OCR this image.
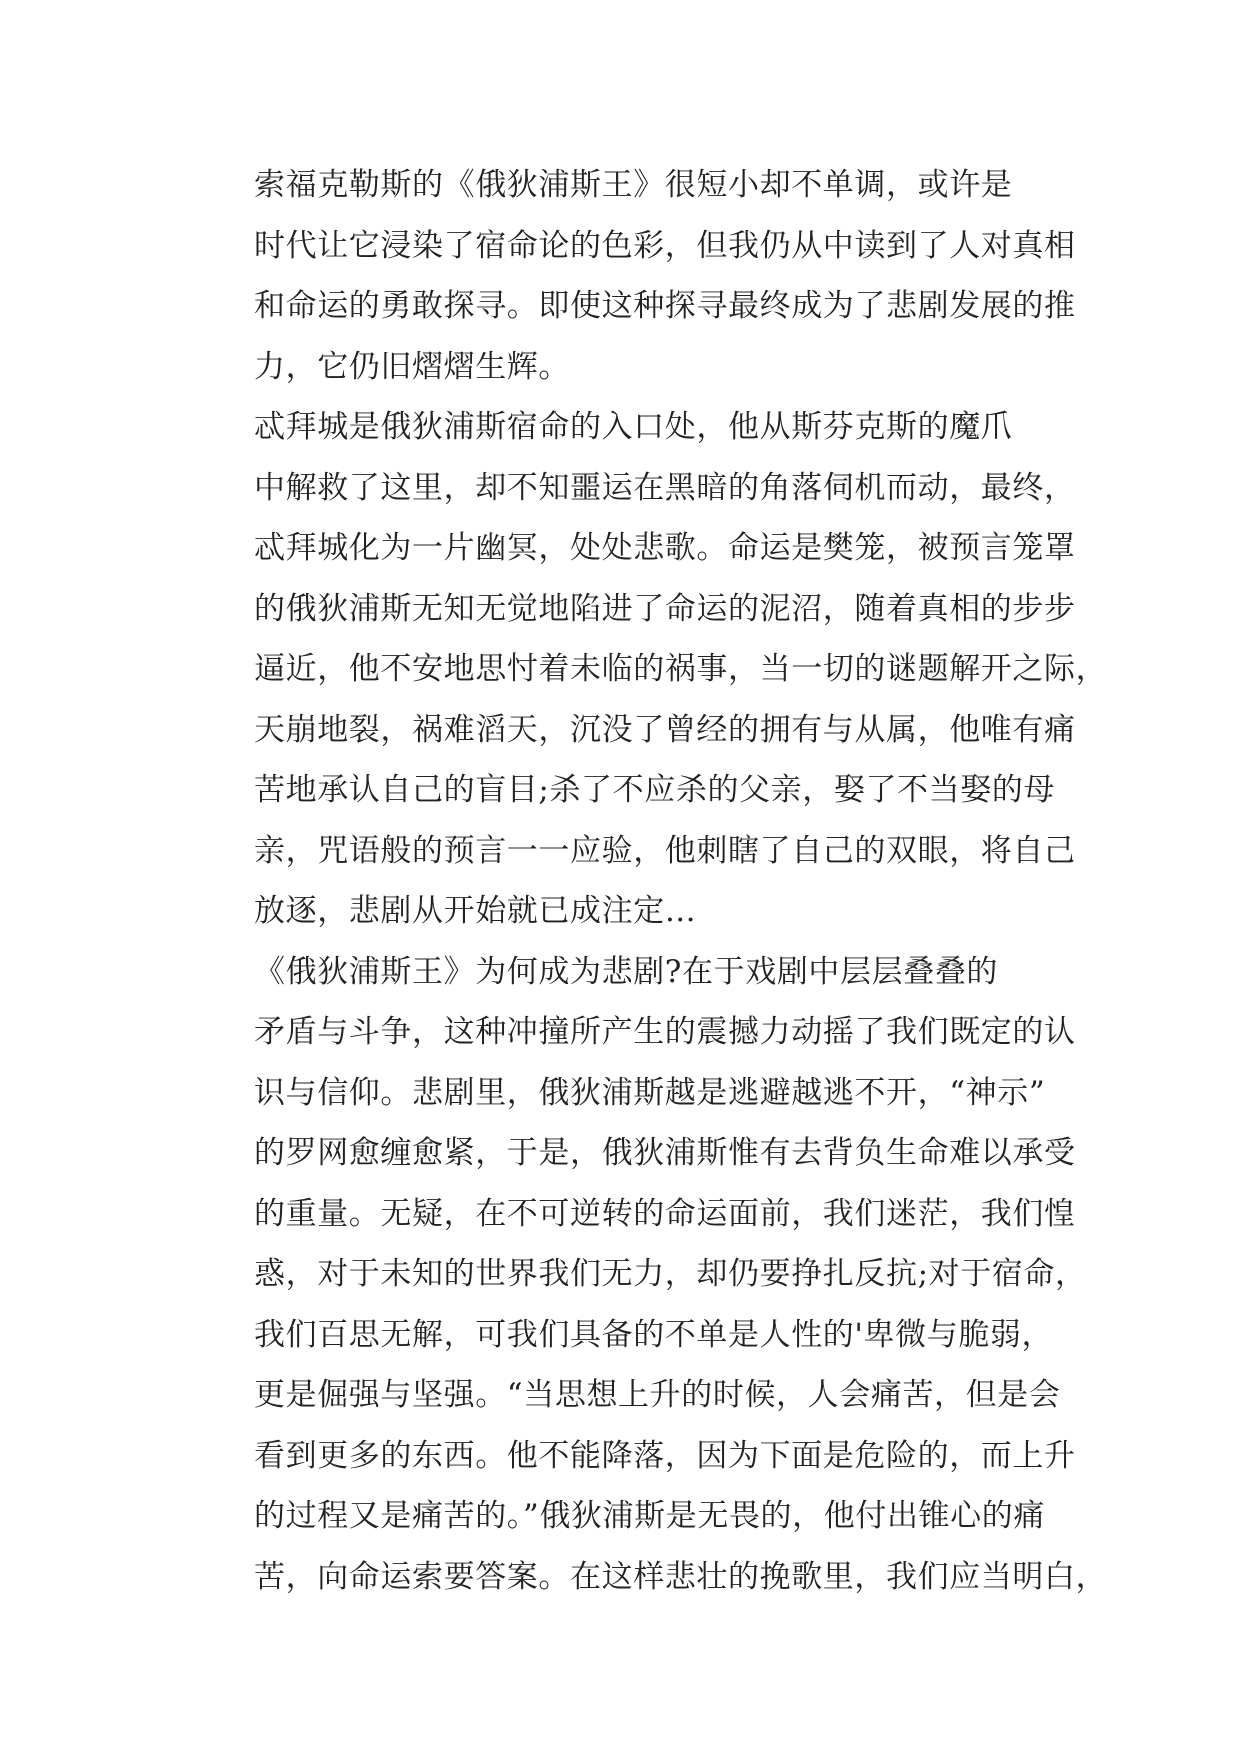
索福克勒斯的《俄狄浦斯王》很短小却不单调，或许是
时代让它浸染了宿命论的色彩，但我仍从中读到了人对真相
和命运的勇敢探寻。即使这种探寻最终成为了悲剧发展的推
力，它仍旧熠熠生辉。

忒拜城是俄狄浦斯宿命的入口处，他从斯芬克斯的魔爪
中解救了这里，却不知噩运在黑暗的角落伺机而动，最终，
忒拜城化为一片幽冥，处处悲歌。命运是樊笼，被预言笼罩
的俄狄浦斯无知无觉地陷进了命运的泥沼，随着真相的步步
逼近，他不安地思忖着未临的祸事，当一切的谜题解开之际，
天崩地裂，祸难滔天，沉没了曾经的拥有与从属，他唯有痛
苦地承认自己的盲目;杀了不应杀的父亲，娶了不当娶的母
亲，咒语般的预言一一应验，他刺瞎了自己的双眼，将自己
放逐，悲剧从开始就已成注定…

《俄狄浦斯王》为何成为悲剧?在于戏剧中层层叠叠的
矛盾与斗争，这种冲撞所产生的震撼力动摇了我们既定的认
识与信仰。悲剧里，俄狄浦斯越是逃避越逃不开，“神示”
的罗网愈缠愈紧，于是，俄狄浦斯惟有去背负生命难以承受
的重量。无疑，在不可逆转的命运面前，我们迷茫，我们惶
惑，对于未知的世界我们无力，却仍要挣扎反抗;对于宿命，
我们百思无解，可我们具备的不单是人性的'卑微与脆弱，
更是倔强与坚强。“当思想上升的时候，人会痛苦，但是会
看到更多的东西。他不能降落，因为下面是危险的，而上升
的过程又是痛苦的。”俄狄浦斯是无畏的，他付出锥心的痛
苦，向命运索要答案。在这样悲壮的挽歌里，我们应当明白，
